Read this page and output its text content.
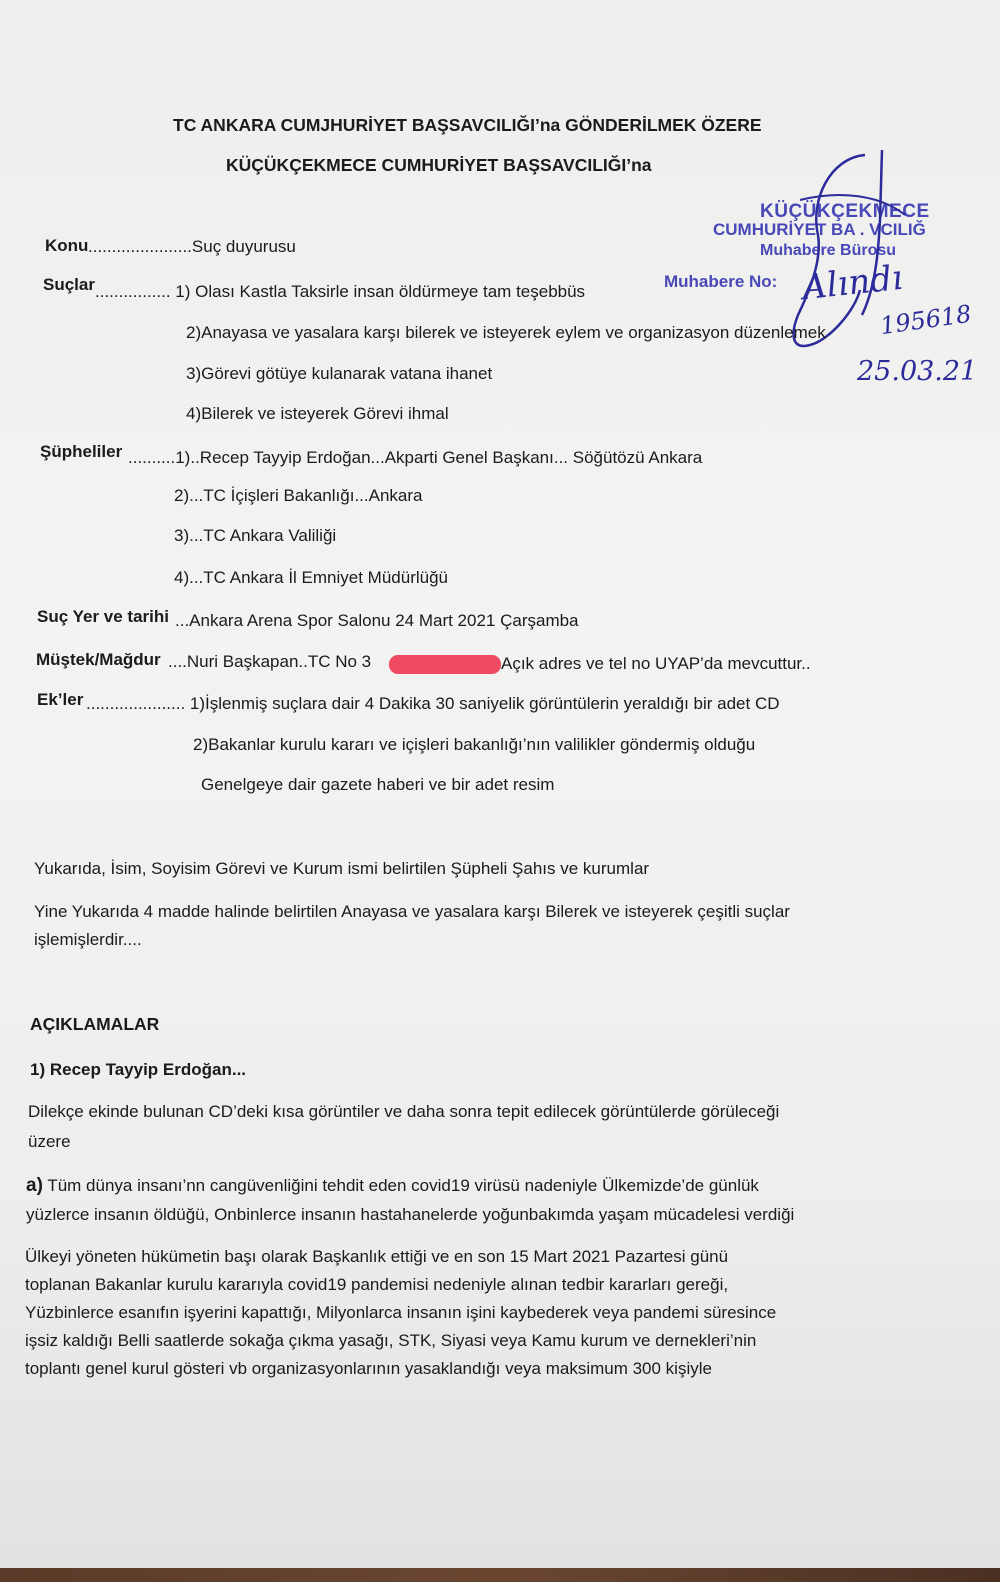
TC ANKARA CUMJHURİYET BAŞSAVCILIĞI’na GÖNDERİLMEK ÖZERE
KÜÇÜKÇEKMECE CUMHURİYET BAŞSAVCILIĞI’na
KÜÇÜKÇEKMECE
CUMHURİYET BA . VCILIĞ
Muhabere Bürosu
Muhabere No: Alındı
195618
25.03.21
Konu ......................Suç duyurusu
Suçlar ................ 1) Olası Kastla Taksirle insan öldürmeye tam teşebbüs
2)Anayasa ve yasalara karşı bilerek ve isteyerek eylem ve organizasyon düzenlemek
3)Görevi götüye kulanarak vatana ihanet
4)Bilerek ve isteyerek Görevi ihmal
Şüpheliler ..........1)..Recep Tayyip Erdoğan...Akparti Genel Başkanı... Söğütözü Ankara
2)...TC İçişleri Bakanlığı...Ankara
3)...TC Ankara Valiliği
4)...TC Ankara İl Emniyet Müdürlüğü
Suç Yer ve tarihi ...Ankara Arena Spor Salonu 24 Mart 2021 Çarşamba
Müştek/Mağdur ....Nuri Başkapan..TC No 3	Açık adres ve tel no UYAP’da mevcuttur..
Ek’ler ..................... 1)İşlenmiş suçlara dair 4 Dakika 30 saniyelik görüntülerin yeraldığı bir adet CD
2)Bakanlar kurulu kararı ve içişleri bakanlığı’nın valilikler göndermiş olduğu
Genelgeye dair gazete haberi ve bir adet resim
Yukarıda, İsim, Soyisim Görevi ve Kurum ismi belirtilen Şüpheli Şahıs ve kurumlar
Yine Yukarıda 4 madde halinde belirtilen Anayasa ve yasalara karşı Bilerek ve isteyerek çeşitli suçlar
işlemişlerdir....
AÇIKLAMALAR
1) Recep Tayyip Erdoğan...
Dilekçe ekinde bulunan CD’deki kısa görüntiler ve daha sonra tepit edilecek görüntülerde görüleceği
üzere
a) Tüm dünya insanı’nn cangüvenliğini tehdit eden covid19 virüsü nadeniyle Ülkemizde’de günlük
yüzlerce insanın öldüğü, Onbinlerce insanın hastahanelerde yoğunbakımda yaşam mücadelesi verdiği
Ülkeyi yöneten hükümetin başı olarak Başkanlık ettiği ve en son 15 Mart 2021 Pazartesi günü
toplanan Bakanlar kurulu kararıyla covid19 pandemisi nedeniyle alınan tedbir kararları gereği,
Yüzbinlerce esanıfın işyerini kapattığı, Milyonlarca insanın işini kaybederek veya pandemi süresince
işsiz kaldığı Belli saatlerde sokağa çıkma yasağı, STK, Siyasi veya Kamu kurum ve dernekleri’nin
toplantı genel kurul gösteri vb organizasyonlarının yasaklandığı veya maksimum 300 kişiyle
